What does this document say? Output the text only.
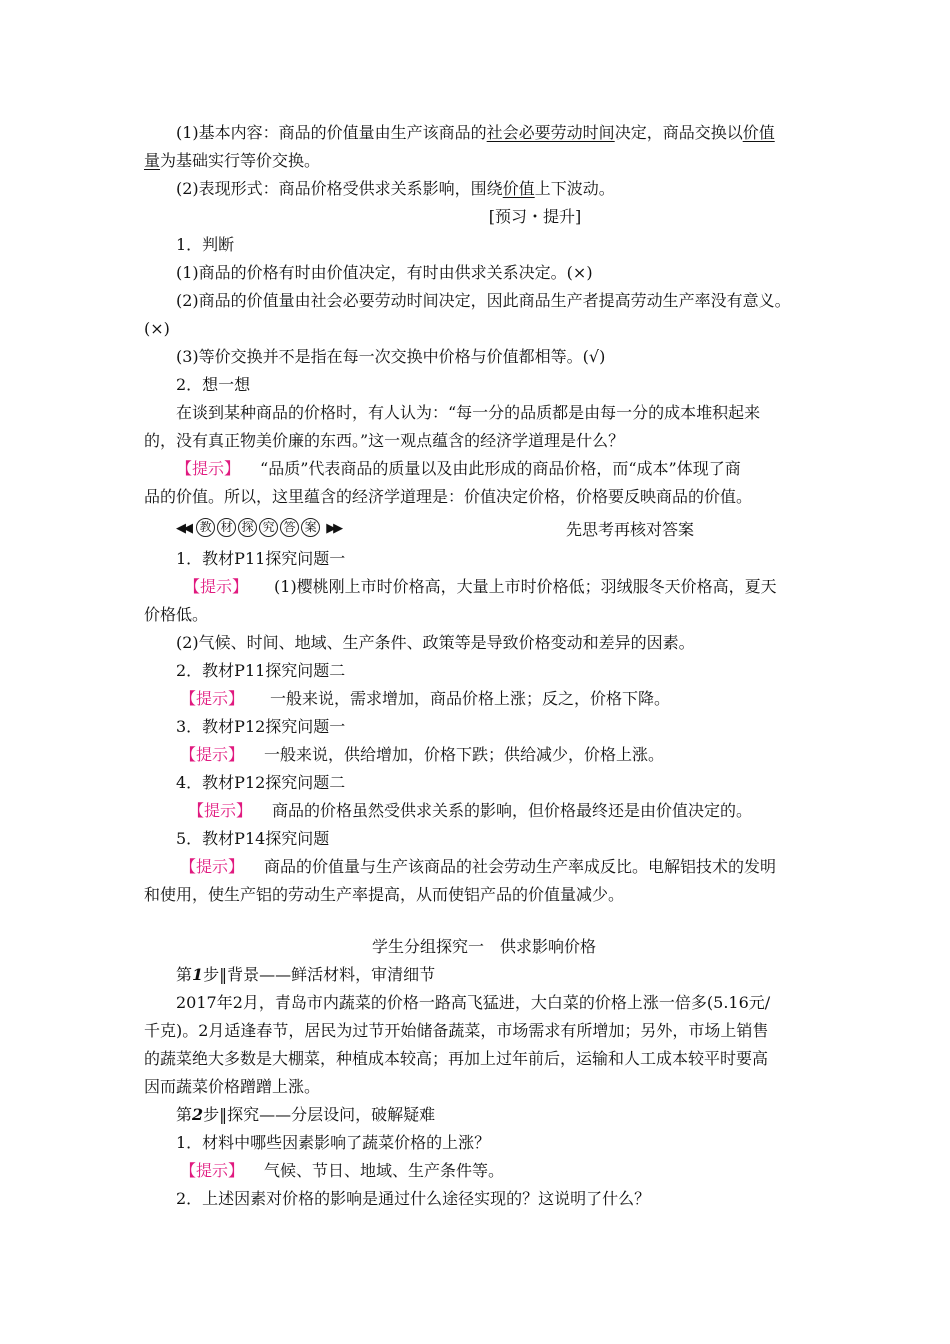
(1)基本内容：商品的价值量由生产该商品的社会必要劳动时间决定，商品交换以价值
量为基础实行等价交换。
(2)表现形式：商品价格受供求关系影响，围绕价值上下波动。
[预习・提升]
1．判断
(1)商品的价格有时由价值决定，有时由供求关系决定。(×)
(2)商品的价值量由社会必要劳动时间决定，因此商品生产者提高劳动生产率没有意义。
(×)
(3)等价交换并不是指在每一次交换中价格与价值都相等。(√)
2．想一想
在谈到某种商品的价格时，有人认为：“每一分的品质都是由每一分的成本堆积起来
的，没有真正物美价廉的东西。”这一观点蕴含的经济学道理是什么？
【提示】 “品质”代表商品的质量以及由此形成的商品价格，而“成本”体现了商
品的价值。所以，这里蕴含的经济学道理是：价值决定价格，价格要反映商品的价值。
◀◀ 教 材 探 究 答 案 ▶▶	先思考再核对答案
1．教材P11探究问题一
【提示】 (1)樱桃刚上市时价格高，大量上市时价格低；羽绒服冬天价格高，夏天
价格低。
(2)气候、时间、地域、生产条件、政策等是导致价格变动和差异的因素。
2．教材P11探究问题二
【提示】 一般来说，需求增加，商品价格上涨；反之，价格下降。
3．教材P12探究问题一
【提示】 一般来说，供给增加，价格下跌；供给减少，价格上涨。
4．教材P12探究问题二
【提示】 商品的价格虽然受供求关系的影响，但价格最终还是由价值决定的。
5．教材P14探究问题
【提示】 商品的价值量与生产该商品的社会劳动生产率成反比。电解铝技术的发明
和使用，使生产铝的劳动生产率提高，从而使铝产品的价值量减少。
学生分组探究一　供求影响价格
第1步‖背景——鲜活材料，审清细节
2017年2月，青岛市内蔬菜的价格一路高飞猛进，大白菜的价格上涨一倍多(5.16元/
千克)。2月适逢春节，居民为过节开始储备蔬菜，市场需求有所增加；另外，市场上销售
的蔬菜绝大多数是大棚菜，种植成本较高；再加上过年前后，运输和人工成本较平时要高
因而蔬菜价格蹭蹭上涨。
第2步‖探究——分层设问，破解疑难
1．材料中哪些因素影响了蔬菜价格的上涨？
【提示】 气候、节日、地域、生产条件等。
2．上述因素对价格的影响是通过什么途径实现的？这说明了什么？
